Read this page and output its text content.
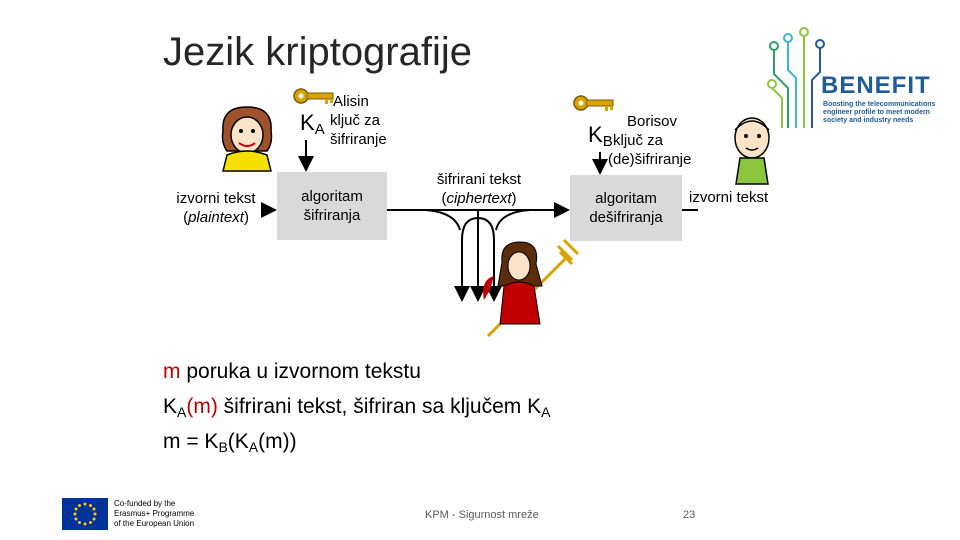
Jezik kriptografije
BENEFIT
Boosting the telecommunications
engineer profile to meet modern
society and industry needs
$K_A$
Alisin
ključ za
šifriranje	$K_B$
Borisov
ključ za
(de)šifriranje
izvorni tekst
(plaintext)
algoritam
šifriranja
šifrirani tekst
(ciphertext)	algoritam
dešifriranja
izvorni tekst
m poruka u izvornom tekstu
$K_A(m)$ šifrirani tekst, šifriran sa ključem $K_A$
$m = K_B(K_A(m))$
Co-funded by the
Erasmus+ Programme
of the European Union
KPM - Sigurnost mreže	23
